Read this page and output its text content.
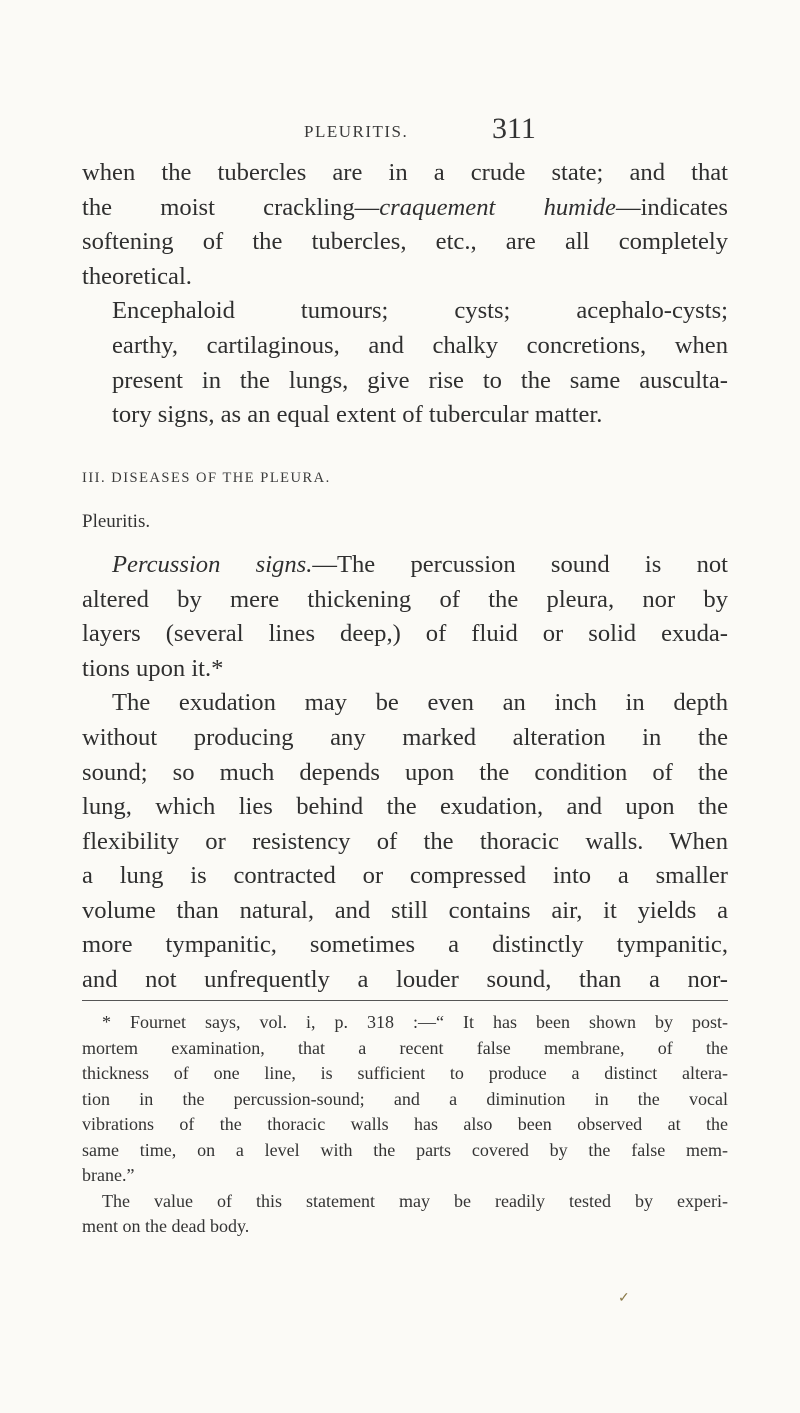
PLEURITIS.	311

when the tubercles are in a crude state; and that
the moist crackling—craquement humide—indicates
softening of the tubercles, etc., are all completely
theoretical.

Encephaloid tumours; cysts; acephalo-cysts;
earthy, cartilaginous, and chalky concretions, when
present in the lungs, give rise to the same ausculta-
tory signs, as an equal extent of tubercular matter.

III. DISEASES OF THE PLEURA.

Pleuritis.

Percussion signs.—The percussion sound is not
altered by mere thickening of the pleura, nor by
layers (several lines deep,) of fluid or solid exuda-
tions upon it.*

The exudation may be even an inch in depth
without producing any marked alteration in the
sound; so much depends upon the condition of the
lung, which lies behind the exudation, and upon the
flexibility or resistency of the thoracic walls. When
a lung is contracted or compressed into a smaller
volume than natural, and still contains air, it yields a
more tympanitic, sometimes a distinctly tympanitic,
and not unfrequently a louder sound, than a nor-

* Fournet says, vol. i, p. 318 :—“ It has been shown by post-
mortem examination, that a recent false membrane, of the
thickness of one line, is sufficient to produce a distinct altera-
tion in the percussion-sound; and a diminution in the vocal
vibrations of the thoracic walls has also been observed at the
same time, on a level with the parts covered by the false mem-
brane.”

The value of this statement may be readily tested by experi-
ment on the dead body.

✓
